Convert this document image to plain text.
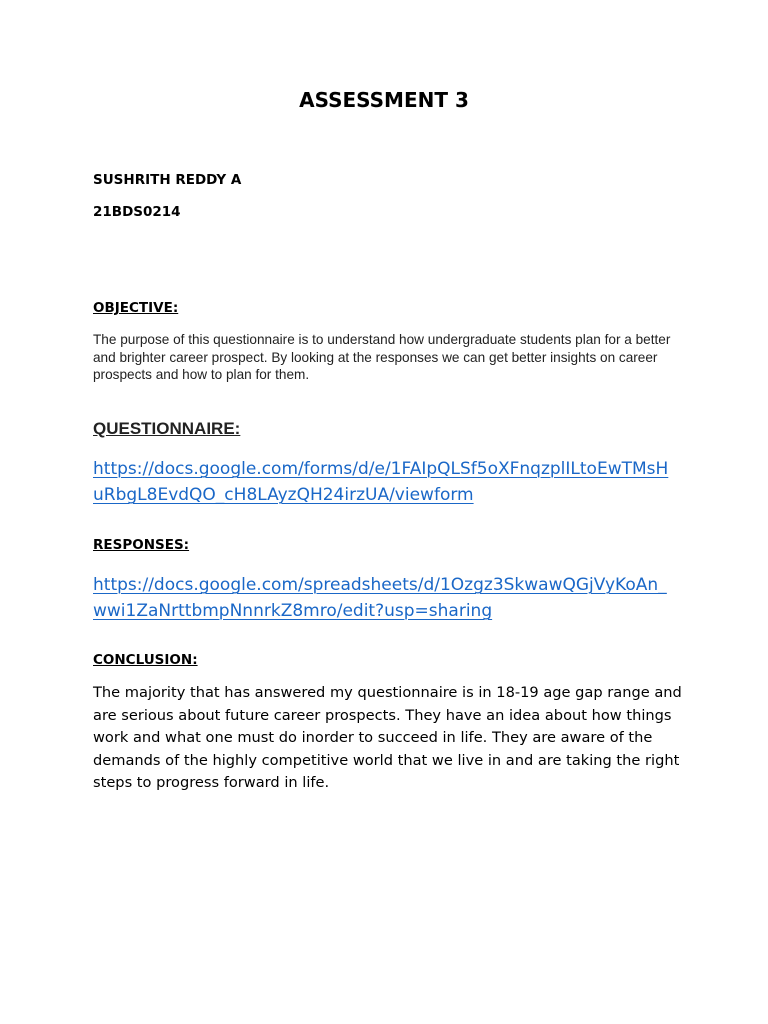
ASSESSMENT 3

SUSHRITH REDDY A

21BDS0214

OBJECTIVE:

The purpose of this questionnaire is to understand how undergraduate students plan for a better and brighter career prospect. By looking at the responses we can get better insights on career prospects and how to plan for them.

QUESTIONNAIRE:

https://docs.google.com/forms/d/e/1FAIpQLSf5oXFnqzplILtoEwTMsH
uRbgL8EvdQO_cH8LAyzQH24irzUA/viewform

RESPONSES:

https://docs.google.com/spreadsheets/d/1Ozgz3SkwawQGjVyKoAn_
wwi1ZaNrttbmpNnnrkZ8mro/edit?usp=sharing

CONCLUSION:

The majority that has answered my questionnaire is in 18-19 age gap range and are serious about future career prospects. They have an idea about how things work and what one must do inorder to succeed in life. They are aware of the demands of the highly competitive world that we live in and are taking the right steps to progress forward in life.
